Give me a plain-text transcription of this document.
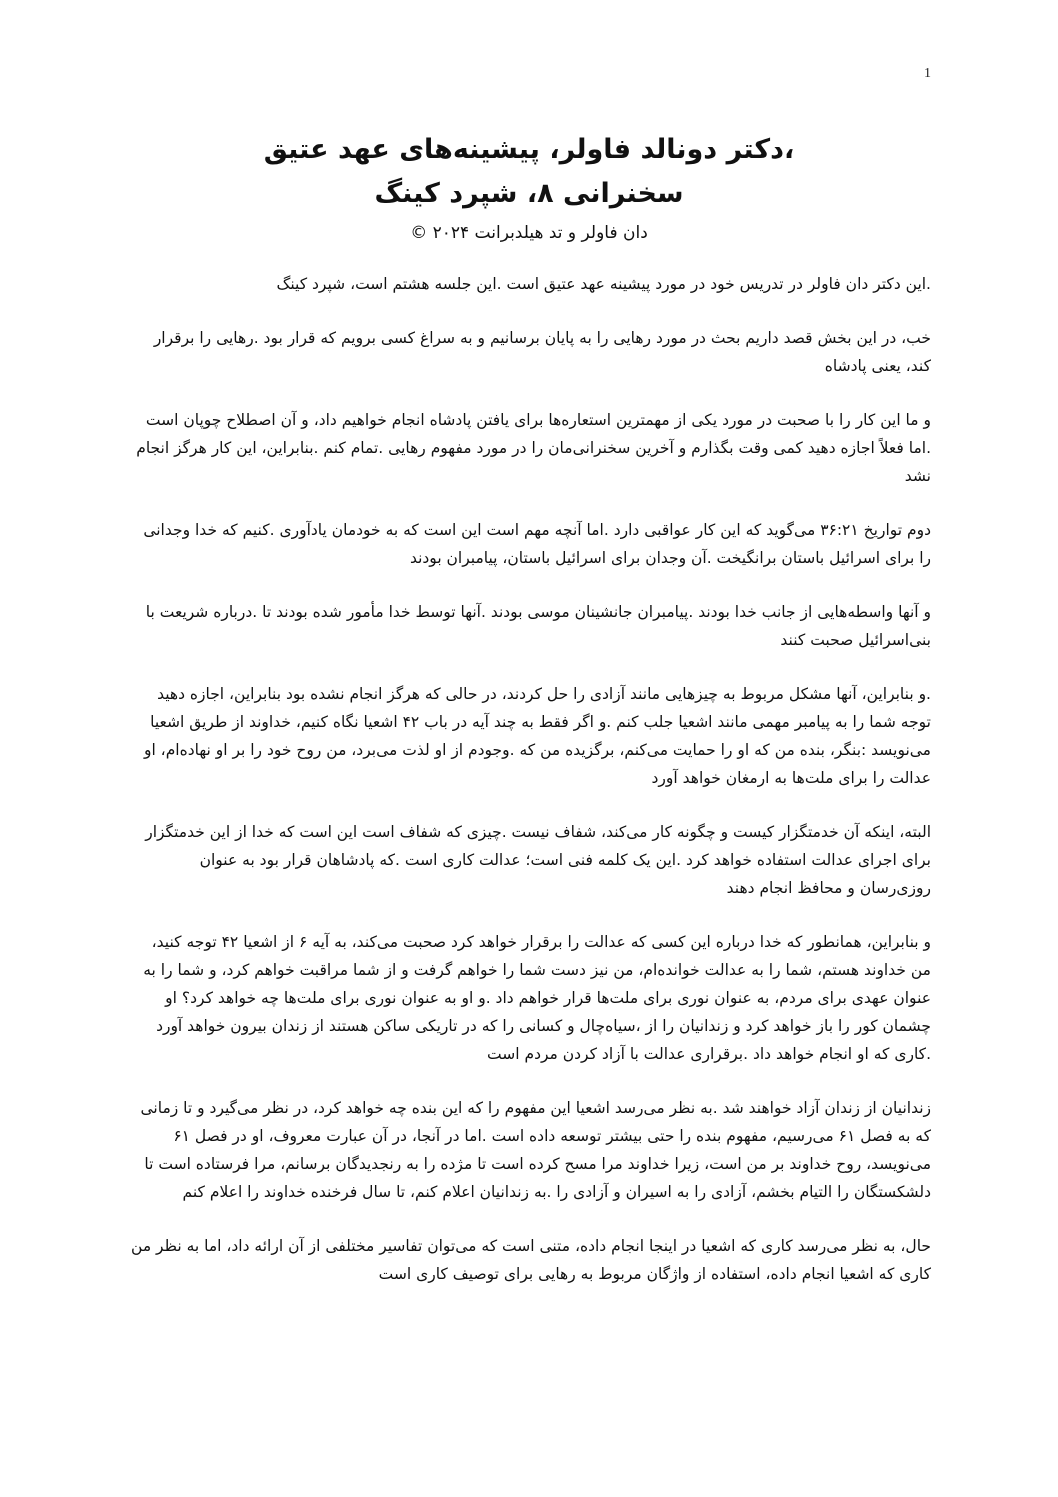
1
،دکتر دونالد فاولر، پیشینه‌های عهد عتیق
سخنرانی ۸، شپرد کینگ
دان فاولر و تد هیلدبرانت ۲۰۲۴ ©

.این دکتر دان فاولر در تدریس خود در مورد پیشینه عهد عتیق است .این جلسه هشتم است، شپرد کینگ

خب، در این بخش قصد داریم بحث در مورد رهایی را به پایان برسانیم و به سراغ کسی برویم که قرار بود .رهایی را برقرار کند، یعنی پادشاه

و ما این کار را با صحبت در مورد یکی از مهمترین استعاره‌ها برای یافتن پادشاه انجام خواهیم داد، و آن اصطلاح چوپان است .اما فعلاً اجازه دهید کمی وقت بگذارم و آخرین سخنرانی‌مان را در مورد مفهوم رهایی .تمام کنم .بنابراین، این کار هرگز انجام نشد

دوم تواریخ ۳۶:۲۱ می‌گوید که این کار عواقبی دارد .اما آنچه مهم است این است که به خودمان یادآوری .کنیم که خدا وجدانی را برای اسرائیل باستان برانگیخت .آن وجدان برای اسرائیل باستان، پیامبران بودند

و آنها واسطه‌هایی از جانب خدا بودند .پیامبران جانشینان موسی بودند .آنها توسط خدا مأمور شده بودند تا .درباره شریعت با بنی‌اسرائیل صحبت کنند

.و بنابراین، آنها مشکل مربوط به چیزهایی مانند آزادی را حل کردند، در حالی که هرگز انجام نشده بود بنابراین، اجازه دهید توجه شما را به پیامبر مهمی مانند اشعیا جلب کنم .و اگر فقط به چند آیه در باب ۴۲ اشعیا نگاه کنیم، خداوند از طریق اشعیا می‌نویسد :بنگر، بنده من که او را حمایت می‌کنم، برگزیده من که .وجودم از او لذت می‌برد، من روح خود را بر او نهاده‌ام، او عدالت را برای ملت‌ها به ارمغان خواهد آورد

البته، اینکه آن خدمتگزار کیست و چگونه کار می‌کند، شفاف نیست .چیزی که شفاف است این است که خدا از این خدمتگزار برای اجرای عدالت استفاده خواهد کرد .این یک کلمه فنی است؛ عدالت کاری است .که پادشاهان قرار بود به عنوان روزی‌رسان و محافظ انجام دهند

و بنابراین، همانطور که خدا درباره این کسی که عدالت را برقرار خواهد کرد صحبت می‌کند، به آیه ۶ از اشعیا ۴۲ توجه کنید، من خداوند هستم، شما را به عدالت خوانده‌ام، من نیز دست شما را خواهم گرفت و از شما مراقبت خواهم کرد، و شما را به عنوان عهدی برای مردم، به عنوان نوری برای ملت‌ها قرار خواهم داد .و او به عنوان نوری برای ملت‌ها چه خواهد کرد؟ او چشمان کور را باز خواهد کرد و زندانیان را از ،سیاه‌چال و کسانی را که در تاریکی ساکن هستند از زندان بیرون خواهد آورد .کاری که او انجام خواهد داد .برقراری عدالت با آزاد کردن مردم است

زندانیان از زندان آزاد خواهند شد .به نظر می‌رسد اشعیا این مفهوم را که این بنده چه خواهد کرد، در نظر می‌گیرد و تا زمانی که به فصل ۶۱ می‌رسیم، مفهوم بنده را حتی بیشتر توسعه داده است .اما در آنجا، در آن عبارت معروف، او در فصل ۶۱ می‌نویسد، روح خداوند بر من است، زیرا خداوند مرا مسح کرده است تا مژده را به رنجدیدگان برسانم، مرا فرستاده است تا دلشکستگان را التیام بخشم، آزادی را به اسیران و آزادی را .به زندانیان اعلام کنم، تا سال فرخنده خداوند را اعلام کنم

حال، به نظر می‌رسد کاری که اشعیا در اینجا انجام داده، متنی است که می‌توان تفاسیر مختلفی از آن ارائه داد، اما به نظر من کاری که اشعیا انجام داده، استفاده از واژگان مربوط به رهایی برای توصیف کاری است
